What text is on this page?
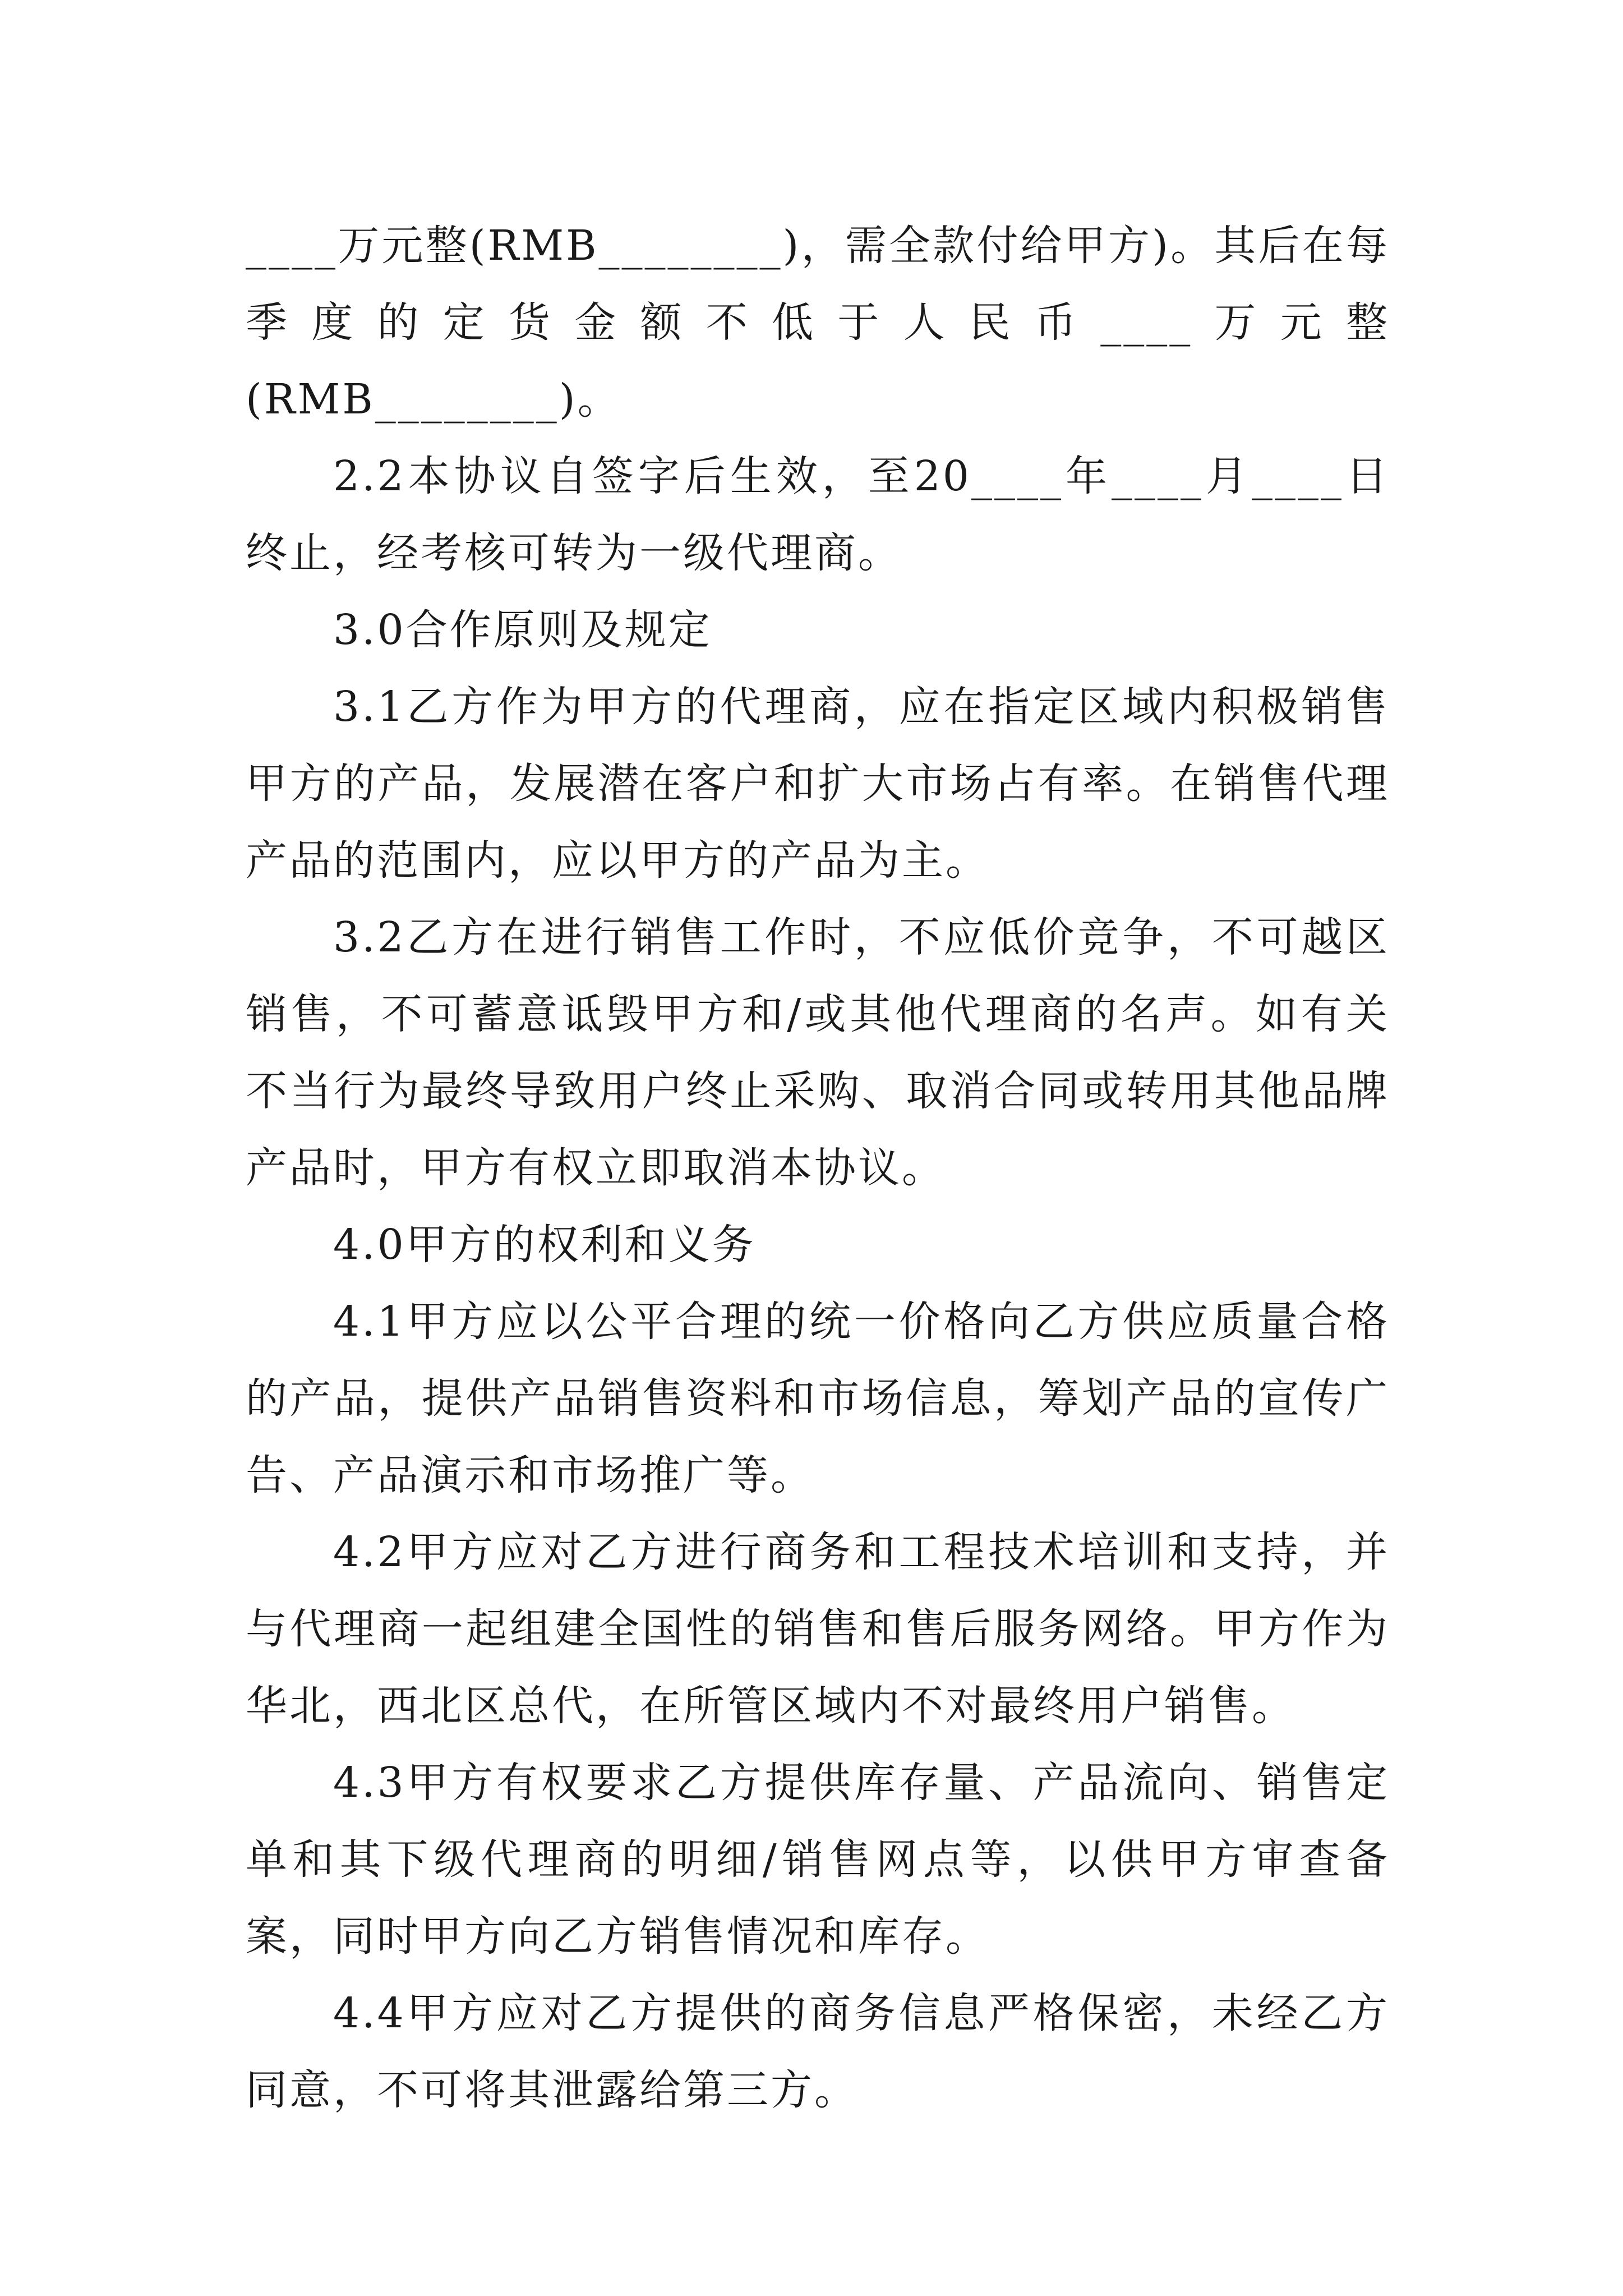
____万元整(RMB________)，需全款付给甲方)。其后在每季度的定货金额不低于人民币____万元整(RMB________)。

2.2本协议自签字后生效，至20____年____月____日终止，经考核可转为一级代理商。

3.0合作原则及规定

3.1乙方作为甲方的代理商，应在指定区域内积极销售甲方的产品，发展潜在客户和扩大市场占有率。在销售代理产品的范围内，应以甲方的产品为主。

3.2乙方在进行销售工作时，不应低价竞争，不可越区销售，不可蓄意诋毁甲方和/或其他代理商的名声。如有关不当行为最终导致用户终止采购、取消合同或转用其他品牌产品时，甲方有权立即取消本协议。

4.0甲方的权利和义务

4.1甲方应以公平合理的统一价格向乙方供应质量合格的产品，提供产品销售资料和市场信息，筹划产品的宣传广告、产品演示和市场推广等。

4.2甲方应对乙方进行商务和工程技术培训和支持，并与代理商一起组建全国性的销售和售后服务网络。甲方作为华北，西北区总代，在所管区域内不对最终用户销售。

4.3甲方有权要求乙方提供库存量、产品流向、销售定单和其下级代理商的明细/销售网点等，以供甲方审查备案，同时甲方向乙方销售情况和库存。

4.4甲方应对乙方提供的商务信息严格保密，未经乙方同意，不可将其泄露给第三方。
